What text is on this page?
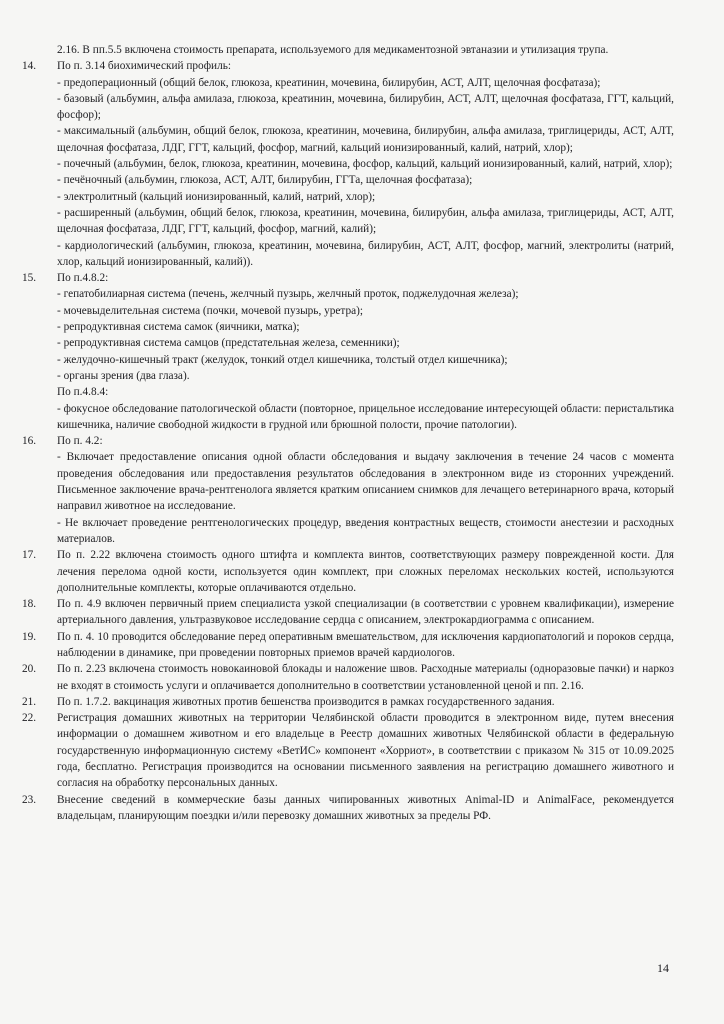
2.16. В пп.5.5 включена стоимость препарата, используемого для медикаментозной эвтаназии и утилизация трупа.

14.	По п. 3.14 биохимический профиль:

- предоперационный (общий белок, глюкоза, креатинин, мочевина, билирубин, АСТ, АЛТ, щелочная фосфатаза);

- базовый (альбумин, альфа амилаза, глюкоза, креатинин, мочевина, билирубин, АСТ, АЛТ, щелочная фосфатаза, ГГТ, кальций, фосфор);

- максимальный (альбумин, общий белок, глюкоза, креатинин, мочевина, билирубин, альфа амилаза, триглицериды, АСТ, АЛТ, щелочная фосфатаза, ЛДГ, ГГТ, кальций, фосфор, магний, кальций ионизированный, калий, натрий, хлор);

- почечный (альбумин, белок, глюкоза, креатинин, мочевина, фосфор, кальций, кальций ионизированный, калий, натрий, хлор);

- печёночный (альбумин, глюкоза, АСТ, АЛТ, билирубин, ГГТа, щелочная фосфатаза);

- электролитный (кальций ионизированный, калий, натрий, хлор);

- расширенный (альбумин, общий белок, глюкоза, креатинин, мочевина, билирубин, альфа амилаза, триглицериды, АСТ, АЛТ, щелочная фосфатаза, ЛДГ, ГГТ, кальций, фосфор, магний, калий);

- кардиологический (альбумин, глюкоза, креатинин, мочевина, билирубин, АСТ, АЛТ, фосфор, магний, электролиты (натрий, хлор, кальций ионизированный, калий)).

15.	По п.4.8.2:

- гепатобилиарная система (печень, желчный пузырь, желчный проток, поджелудочная железа);

- мочевыделительная система (почки, мочевой пузырь, уретра);

- репродуктивная система самок (яичники, матка);

- репродуктивная система самцов (предстательная железа, семенники);

- желудочно-кишечный тракт (желудок, тонкий отдел кишечника, толстый отдел кишечника);

- органы зрения (два глаза).

По п.4.8.4:

- фокусное обследование патологической области (повторное, прицельное исследование интересующей области: перистальтика кишечника, наличие свободной жидкости в грудной или брюшной полости, прочие патологии).

16.	По п. 4.2:

- Включает предоставление описания одной области обследования и выдачу заключения в течение 24 часов с момента проведения обследования или предоставления результатов обследования в электронном виде из сторонних учреждений. Письменное заключение врача-рентгенолога является кратким описанием снимков для лечащего ветеринарного врача, который направил животное на исследование.

- Не включает проведение рентгенологических процедур, введения контрастных веществ, стоимости анестезии и расходных материалов.

17.	По п. 2.22 включена стоимость одного штифта и комплекта винтов, соответствующих размеру поврежденной кости. Для лечения перелома одной кости, используется один комплект, при сложных переломах нескольких костей, используются дополнительные комплекты, которые оплачиваются отдельно.

18.	По п. 4.9 включен первичный прием специалиста узкой специализации (в соответствии с уровнем квалификации), измерение артериального давления, ультразвуковое исследование сердца с описанием, электрокардиограмма с описанием.

19.	По п. 4. 10 проводится обследование перед оперативным вмешательством, для исключения кардиопатологий и пороков сердца, наблюдении в динамике, при проведении повторных приемов врачей кардиологов.

20.	По п. 2.23 включена стоимость новокаиновой блокады и наложение швов. Расходные материалы (одноразовые пачки) и наркоз не входят в стоимость услуги и оплачивается дополнительно в соответствии установленной ценой и пп. 2.16.

21.	По п. 1.7.2. вакцинация животных против бешенства производится в рамках государственного задания.

22.	Регистрация домашних животных на территории Челябинской области проводится в электронном виде, путем внесения информации о домашнем животном и его владельце в Реестр домашних животных Челябинской области в федеральную государственную информационную систему «ВетИС» компонент «Хорриот», в соответствии с приказом № 315 от 10.09.2025 года, бесплатно. Регистрация производится на основании письменного заявления на регистрацию домашнего животного и согласия на обработку персональных данных.

23.	Внесение сведений в коммерческие базы данных чипированных животных Animal-ID и AnimalFace, рекомендуется владельцам, планирующим поездки и/или перевозку домашних животных за пределы РФ.

14
